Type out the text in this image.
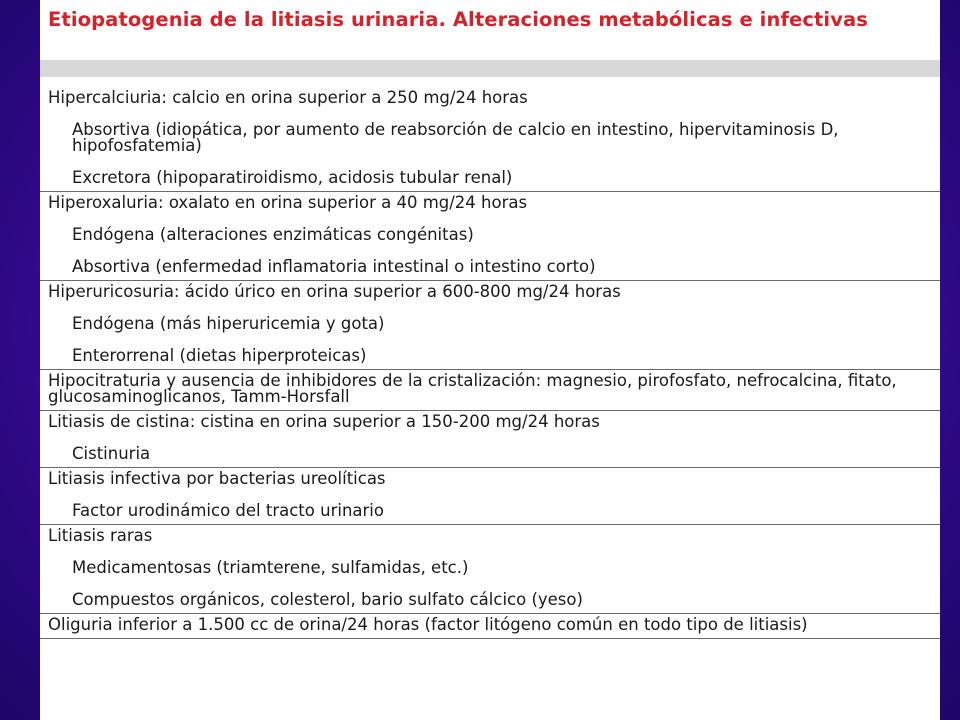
Etiopatogenia de la litiasis urinaria. Alteraciones metabólicas e infectivas
Hipercalciuria: calcio en orina superior a 250 mg/24 horas
Absortiva (idiopática, por aumento de reabsorción de calcio en intestino, hipervitaminosis D, hipofosfatemia)
Excretora (hipoparatiroidismo, acidosis tubular renal)
Hiperoxaluria: oxalato en orina superior a 40 mg/24 horas
Endógena (alteraciones enzimáticas congénitas)
Absortiva (enfermedad inflamatoria intestinal o intestino corto)
Hiperuricosuria: ácido úrico en orina superior a 600-800 mg/24 horas
Endógena (más hiperuricemia y gota)
Enterorrenal (dietas hiperproteicas)
Hipocitraturia y ausencia de inhibidores de la cristalización: magnesio, pirofosfato, nefrocalcina, fitato, glucosaminoglicanos, Tamm-Horsfall
Litiasis de cistina: cistina en orina superior a 150-200 mg/24 horas
Cistinuria
Litiasis infectiva por bacterias ureolíticas
Factor urodinámico del tracto urinario
Litiasis raras
Medicamentosas (triamterene, sulfamidas, etc.)
Compuestos orgánicos, colesterol, bario sulfato cálcico (yeso)
Oliguria inferior a 1.500 cc de orina/24 horas (factor litógeno común en todo tipo de litiasis)
